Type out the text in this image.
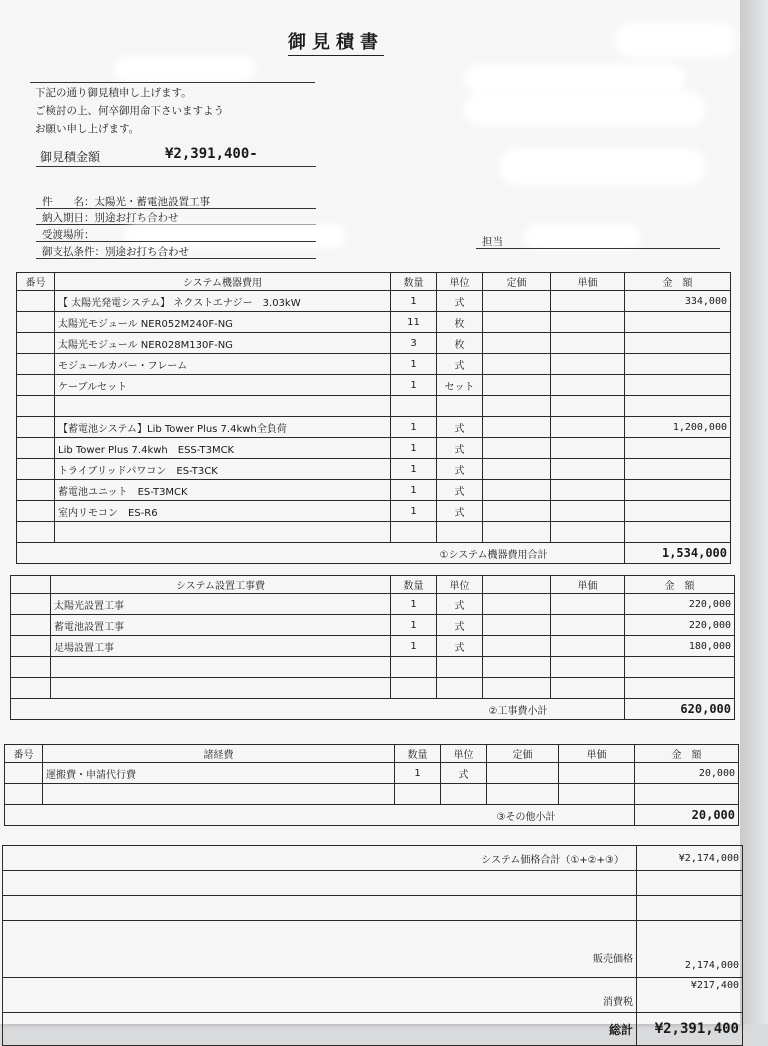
御見積書
下記の通り御見積申し上げます。
ご検討の上、何卒御用命下さいますよう
お願い申し上げます。
御見積金額	¥2,391,400-
件　　名：太陽光・蓄電池設置工事
納入期日：別途お打ち合わせ
受渡場所：
御支払条件：別途お打ち合わせ
担当
番号	システム機器費用	数量	単位	定価	単価	金　額
	【 太陽光発電システム】 ネクストエナジー　3.03kW	1	式			334,000
	太陽光モジュール NER052M240F-NG	11	枚			
	太陽光モジュール NER028M130F-NG	3	枚			
	モジュールカバー・フレーム	1	式			
	ケーブルセット	1	セット			

	【蓄電池システム】Lib Tower Plus 7.4kwh全負荷	1	式			1,200,000
	Lib Tower Plus 7.4kwh　ESS-T3MCK	1	式			
	トライブリッドパワコン　ES-T3CK	1	式			
	蓄電池ユニット　ES-T3MCK	1	式			
	室内リモコン　ES-R6	1	式			

①システム機器費用合計						1,534,000
	システム設置工事費	数量	単位		単価	金　額
	太陽光設置工事	1	式			220,000
	蓄電池設置工事	1	式			220,000
	足場設置工事	1	式			180,000

②工事費小計						620,000
番号	諸経費	数量	単位	定価	単価	金　額
	運搬費・申請代行費	1	式			20,000

③その他小計						20,000
システム価格合計（①+②+③）	¥2,174,000

販売価格	2,174,000
消費税	¥217,400
総計	¥2,391,400
